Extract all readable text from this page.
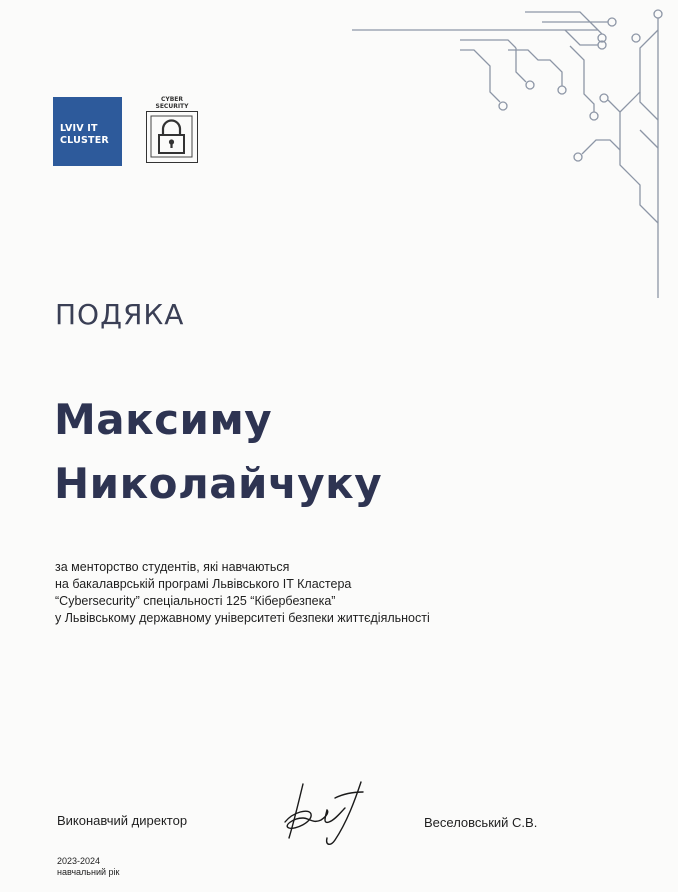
LVIV IT
CLUSTER
CYBER
SECURITY
ПОДЯКА
Максиму
Николайчуку
за менторство студентів, які навчаються
на бакалаврській програмі Львівського IT Кластера
“Cybersecurity” спеціальності 125 “Кібербезпека”
у Львівському державному університеті безпеки життєдіяльності
Виконавчий директор	Веселовський С.В.
2023-2024
навчальний рік
